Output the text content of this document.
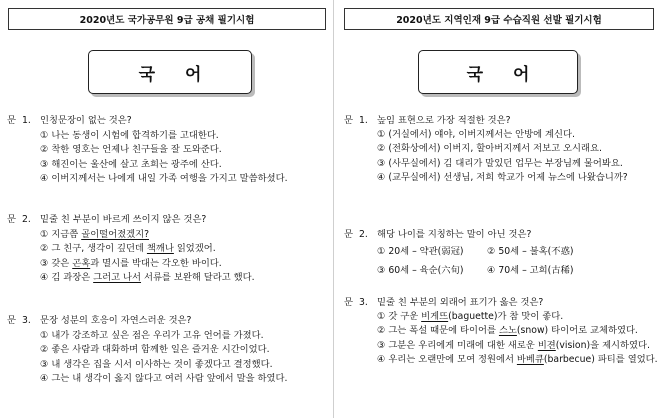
2020년도 국가공무원 9급 공채 필기시험
국어
문 1. 인칭문장이 없는 것은?
① 나는 동생이 시험에 합격하기를 고대한다.
② 착한 영호는 언제나 친구들을 잘 도와준다.
③ 해진이는 울산에 살고 초희는 광주에 산다.
④ 이버지께서는 나에게 내일 가족 여행을 가지고 말씀하셨다.
문 2. 밑줄 친 부분이 바르게 쓰이지 않은 것은?
① 지금쯤 골이떨어졌겠지?
② 그 친구, 생각이 깊던데 책깨나 읽었겠어.
③ 갖은 곤혹과 멸시를 박대는 각오한 바이다.
④ 김 과장은 그러고 나서 서류를 보완해 달라고 했다.
문 3. 문장 성분의 호응이 자연스러운 것은?
① 내가 강조하고 싶은 점은 우리가 고유 언어를 가졌다.
② 좋은 사람과 대화하며 함께한 일은 즐거운 시간이었다.
③ 내 생각은 집을 시서 이사하는 것이 좋겠다고 결정했다.
④ 그는 내 생각이 옳지 않다고 여러 사람 앞에서 말을 하였다.
2020년도 지역인재 9급 수습직원 선발 필기시험
국어
문 1. 높임 표현으로 가장 적절한 것은?
① (거실에서) 얘야, 이버지께서는 안방에 계신다.
② (전화상에서) 이버지, 할아버지께서 저보고 오시래요.
③ (사무실에서) 김 대리가 말있던 업무는 부장님께 물어봐요.
④ (교무실에서) 선생님, 저희 학교가 어제 뉴스에 나왔습니까?
문 2. 해당 나이를 지칭하는 말이 아닌 것은?
① 20세 – 약관(弱冠)	② 50세 – 불혹(不惑)
③ 60세 – 육순(六旬)	④ 70세 – 고희(古稀)
문 3. 밑줄 친 부분의 외래어 표기가 옳은 것은?
① 갓 구운 비게뜨(baguette)가 참 맛이 좋다.
② 그는 폭설 때문에 타이어를 스노(snow) 타이어로 교체하였다.
③ 그분은 우리에게 미래에 대한 새로운 비젼(vision)을 제시하였다.
④ 우리는 오랜만에 모여 정원에서 바베큐(barbecue) 파티를 열었다.
